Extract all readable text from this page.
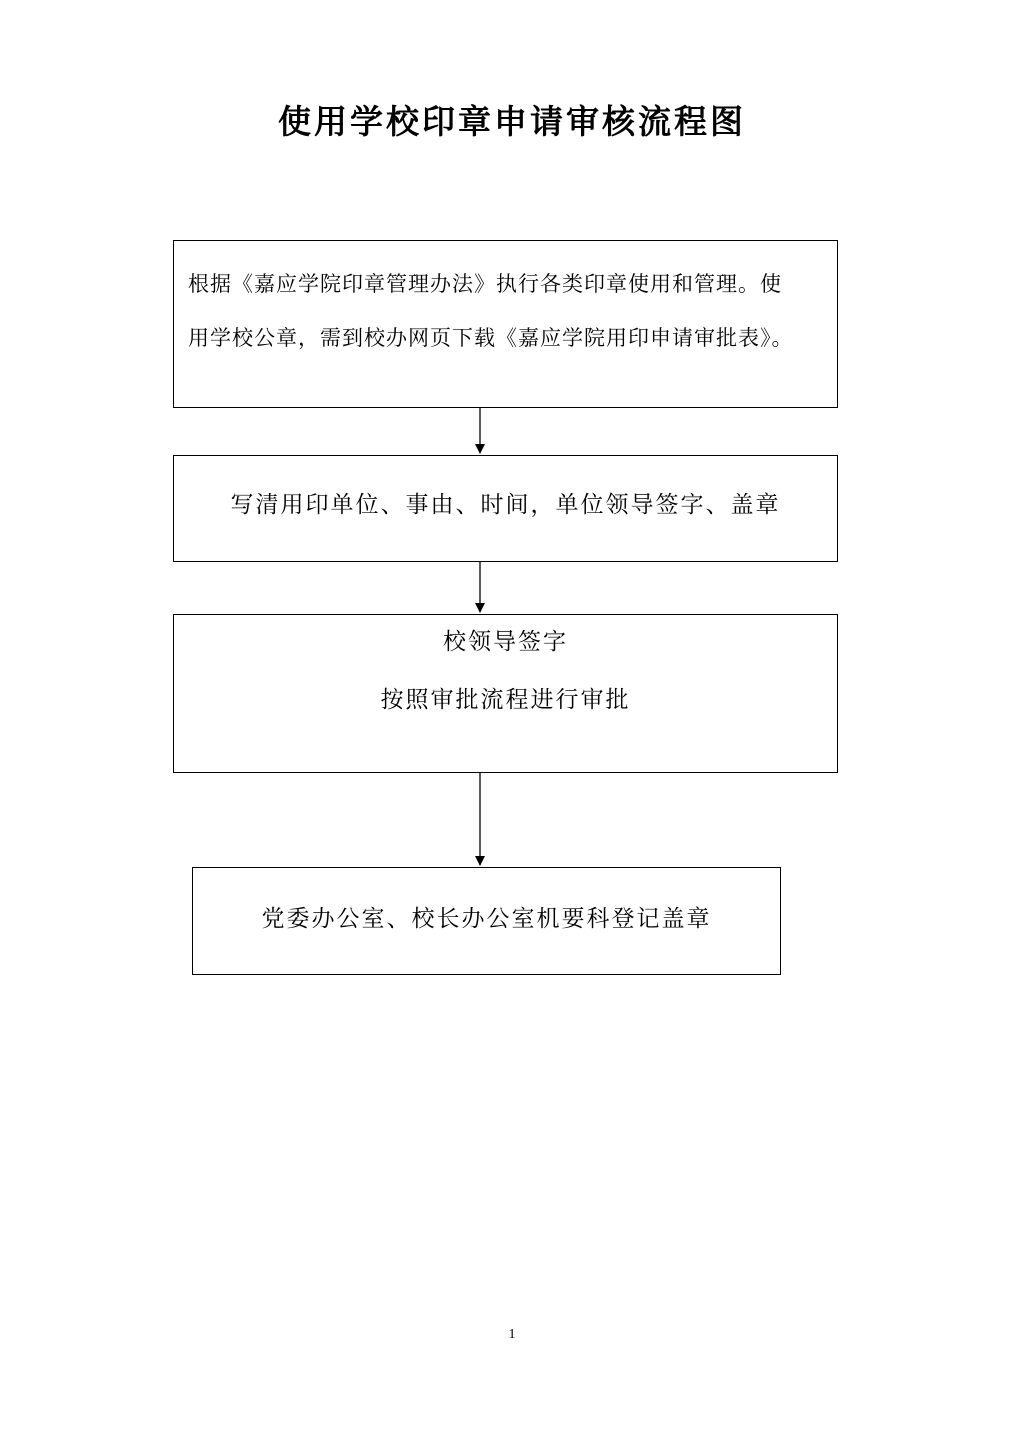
使用学校印章申请审核流程图
根据《嘉应学院印章管理办法》执行各类印章使用和管理。使
用学校公章，需到校办网页下载《嘉应学院用印申请审批表》。
写清用印单位、事由、时间，单位领导签字、盖章
校领导签字
按照审批流程进行审批
党委办公室、校长办公室机要科登记盖章
1
